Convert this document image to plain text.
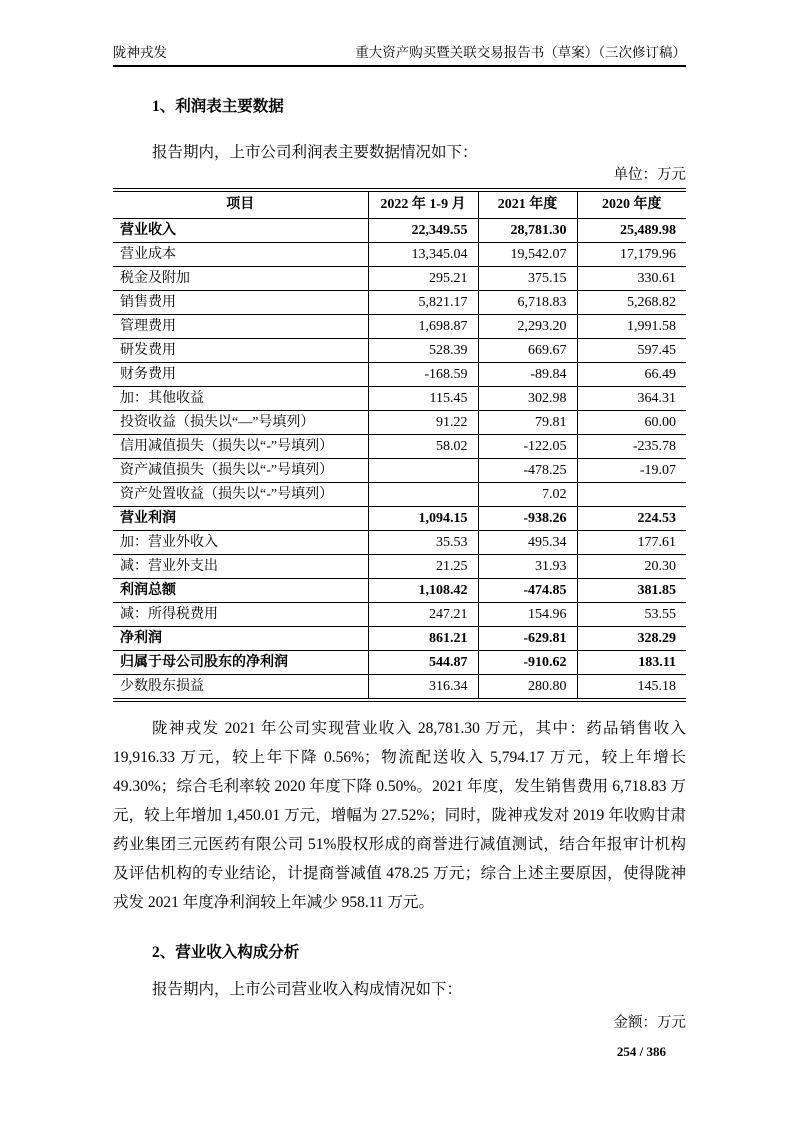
陇神戎发	重大资产购买暨关联交易报告书（草案）（三次修订稿）
1、利润表主要数据

报告期内，上市公司利润表主要数据情况如下：

单位：万元
项目	2022 年 1-9 月	2021 年度	2020 年度
营业收入	22,349.55	28,781.30	25,489.98
营业成本	13,345.04	19,542.07	17,179.96
税金及附加	295.21	375.15	330.61
销售费用	5,821.17	6,718.83	5,268.82
管理费用	1,698.87	2,293.20	1,991.58
研发费用	528.39	669.67	597.45
财务费用	-168.59	-89.84	66.49
加：其他收益	115.45	302.98	364.31
投资收益（损失以“—”号填列）	91.22	79.81	60.00
信用减值损失（损失以“-”号填列）	58.02	-122.05	-235.78
资产减值损失（损失以“-”号填列）		-478.25	-19.07
资产处置收益（损失以“-”号填列）		7.02	
营业利润	1,094.15	-938.26	224.53
加：营业外收入	35.53	495.34	177.61
减：营业外支出	21.25	31.93	20.30
利润总额	1,108.42	-474.85	381.85
减：所得税费用	247.21	154.96	53.55
净利润	861.21	-629.81	328.29
归属于母公司股东的净利润	544.87	-910.62	183.11
少数股东损益	316.34	280.80	145.18

陇神戎发 2021 年公司实现营业收入 28,781.30 万元，其中：药品销售收入 19,916.33 万元，较上年下降 0.56%；物流配送收入 5,794.17 万元，较上年增长 49.30%；综合毛利率较 2020 年度下降 0.50%。2021 年度，发生销售费用 6,718.83 万元，较上年增加 1,450.01 万元，增幅为 27.52%；同时，陇神戎发对 2019 年收购甘肃药业集团三元医药有限公司 51%股权形成的商誉进行减值测试，结合年报审计机构及评估机构的专业结论，计提商誉减值 478.25 万元；综合上述主要原因，使得陇神戎发 2021 年度净利润较上年减少 958.11 万元。

2、营业收入构成分析

报告期内，上市公司营业收入构成情况如下：

金额：万元
254 / 386
